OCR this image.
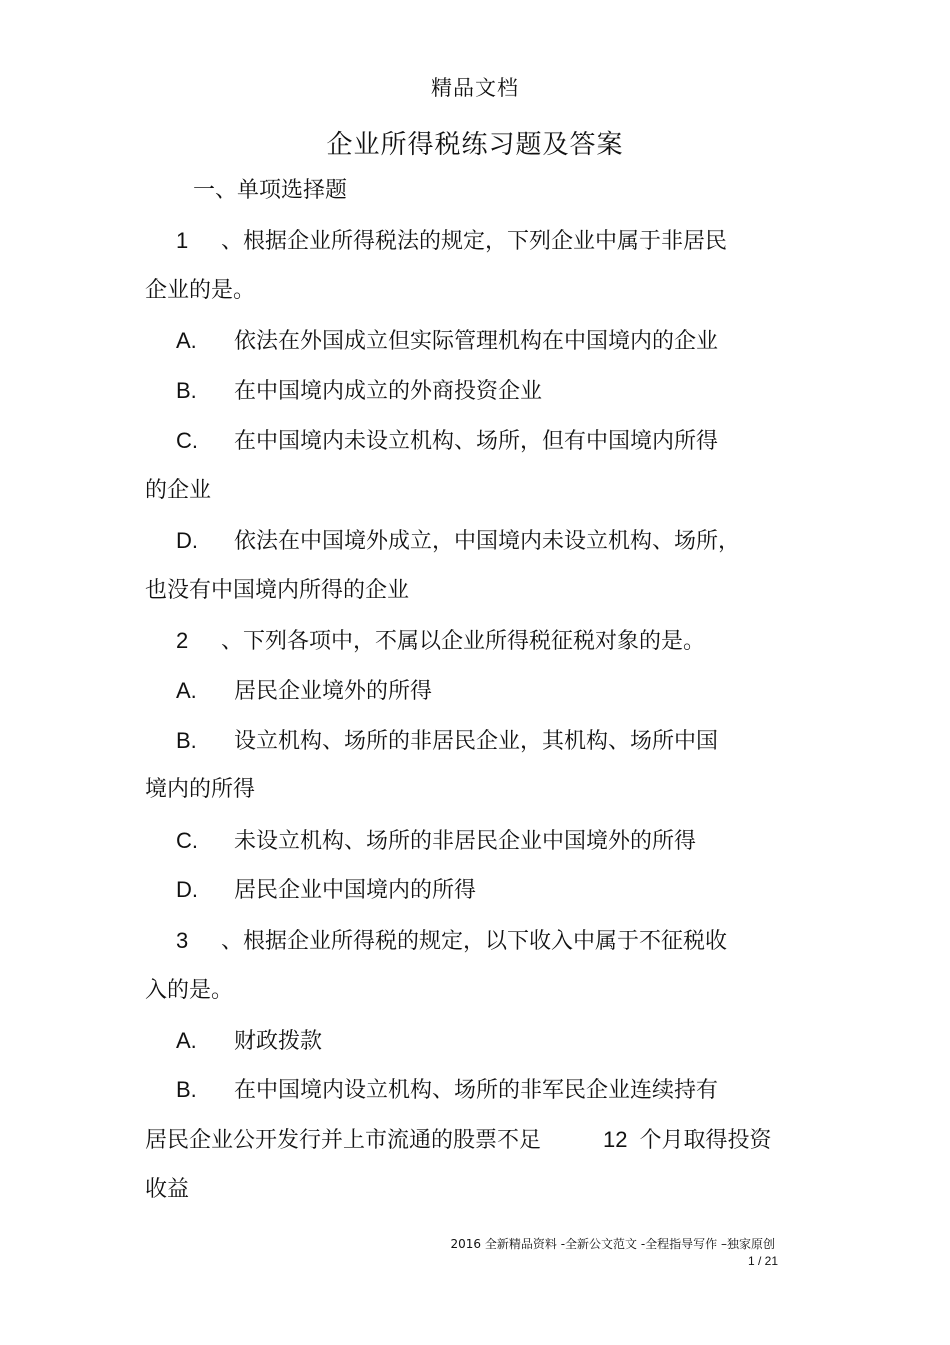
精品文档
企业所得税练习题及答案
一、单项选择题
1 、根据企业所得税法的规定，下列企业中属于非居民
企业的是。
A. 依法在外国成立但实际管理机构在中国境内的企业
B. 在中国境内成立的外商投资企业
C. 在中国境内未设立机构、场所，但有中国境内所得
的企业
D. 依法在中国境外成立，中国境内未设立机构、场所，
也没有中国境内所得的企业
2 、下列各项中，不属以企业所得税征税对象的是。
A. 居民企业境外的所得
B. 设立机构、场所的非居民企业，其机构、场所中国
境内的所得
C. 未设立机构、场所的非居民企业中国境外的所得
D. 居民企业中国境内的所得
3 、根据企业所得税的规定，以下收入中属于不征税收
入的是。
A. 财政拨款
B. 在中国境内设立机构、场所的非军民企业连续持有
居民企业公开发行并上市流通的股票不足	12 个月取得投资
收益
2016 全新精品资料 -全新公文范文 -全程指导写作 –独家原创
1 / 21
